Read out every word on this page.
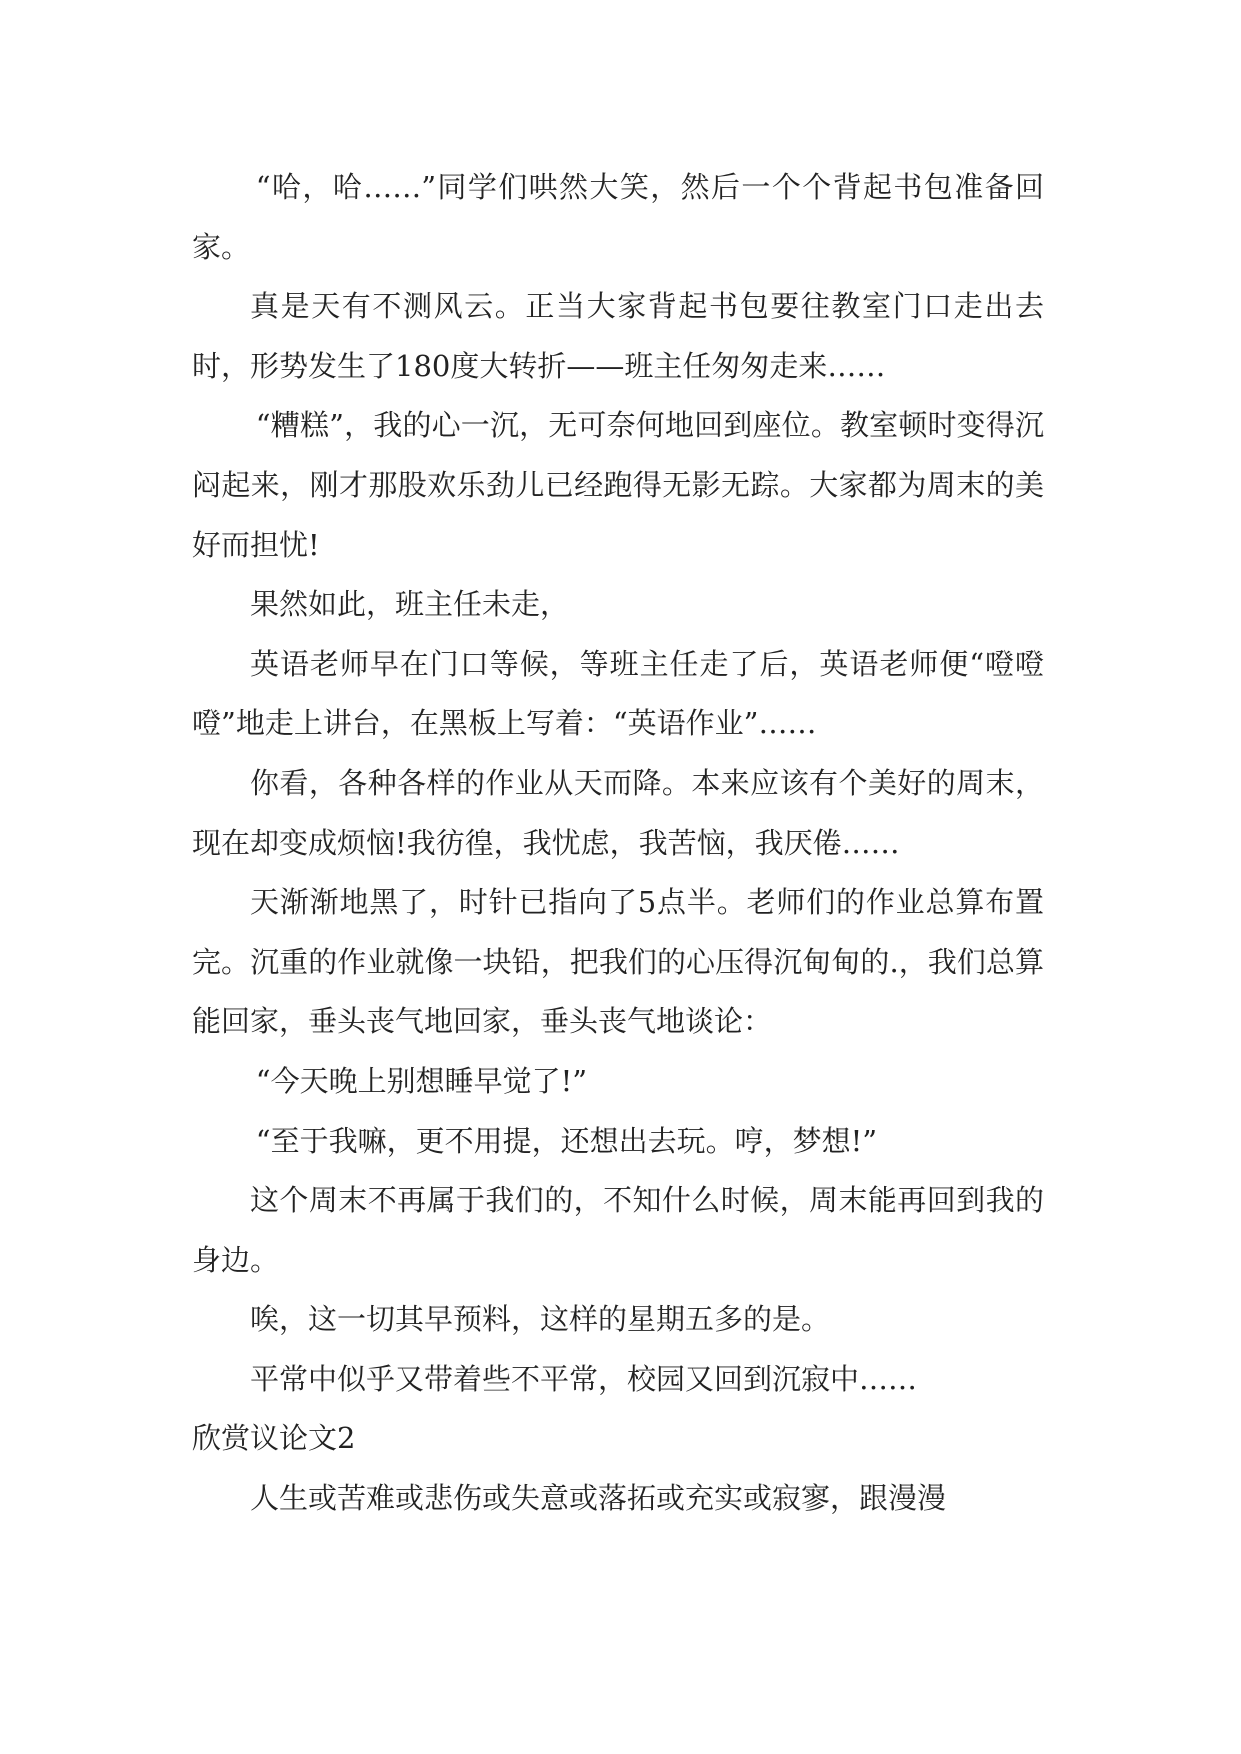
“哈，哈……”同学们哄然大笑，然后一个个背起书包准备回家。

真是天有不测风云。正当大家背起书包要往教室门口走出去时，形势发生了180度大转折——班主任匆匆走来……

“糟糕”，我的心一沉，无可奈何地回到座位。教室顿时变得沉闷起来，刚才那股欢乐劲儿已经跑得无影无踪。大家都为周末的美好而担忧!

果然如此，班主任未走，

英语老师早在门口等候，等班主任走了后，英语老师便“噔噔噔”地走上讲台，在黑板上写着：“英语作业”……

你看，各种各样的作业从天而降。本来应该有个美好的周末，现在却变成烦恼!我彷徨，我忧虑，我苦恼，我厌倦……

天渐渐地黑了，时针已指向了5点半。老师们的作业总算布置完。沉重的作业就像一块铅，把我们的心压得沉甸甸的.，我们总算能回家，垂头丧气地回家，垂头丧气地谈论：

“今天晚上别想睡早觉了!”

“至于我嘛，更不用提，还想出去玩。哼，梦想!”

这个周末不再属于我们的，不知什么时候，周末能再回到我的身边。

唉，这一切其早预料，这样的星期五多的是。

平常中似乎又带着些不平常，校园又回到沉寂中……

欣赏议论文2

人生或苦难或悲伤或失意或落拓或充实或寂寥，跟漫漫
